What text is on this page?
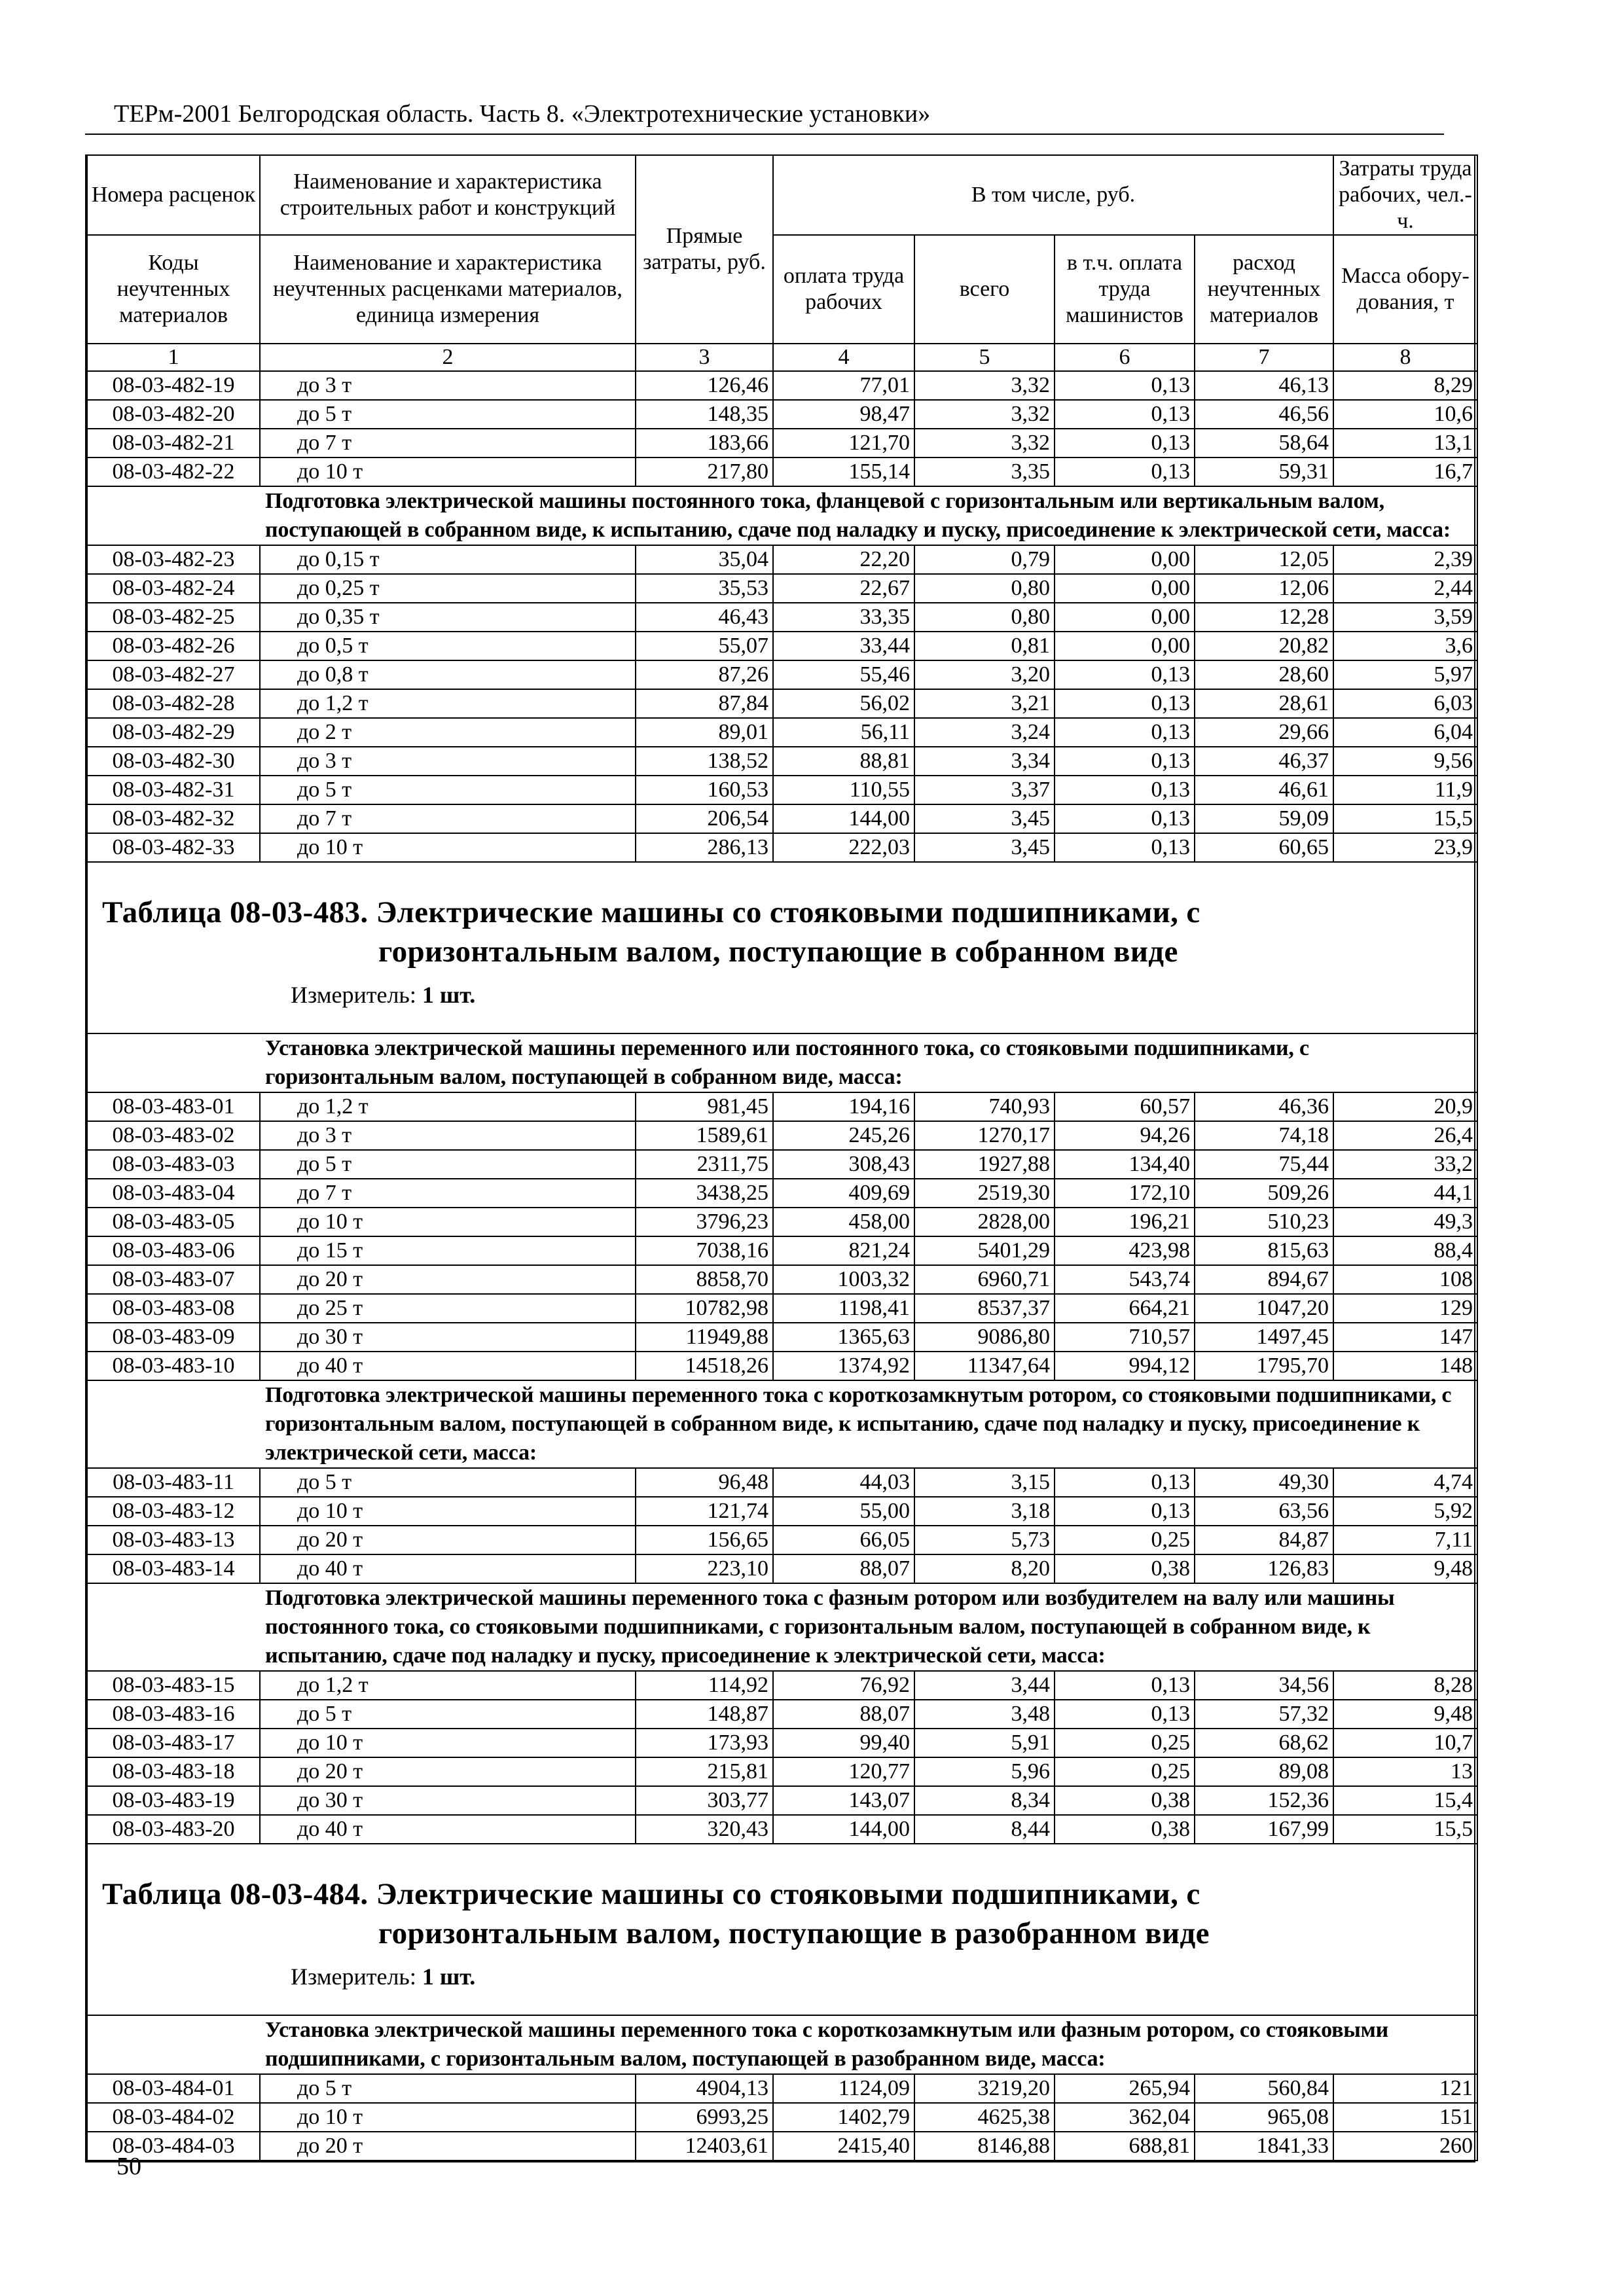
ТЕРм-2001 Белгородская область. Часть 8. «Электротехнические установки»
Номера расценок	Наименование и характеристика строительных работ и конструкций	Прямые затраты, руб.	В том числе, руб.				Затраты труда рабочих, чел.-ч.

Коды неучтенных материалов	Наименование и характеристика неучтенных расценками материалов, единица измерения		оплата труда рабочих	всего	в т.ч. оплата труда машинистов	расход неучтенных материалов	Масса обору- дования, т
1	2	3	4	5	6	7	8
08-03-482-19	до 3 т	126,46	77,01	3,32	0,13	46,13	8,29
08-03-482-20	до 5 т	148,35	98,47	3,32	0,13	46,56	10,6
08-03-482-21	до 7 т	183,66	121,70	3,32	0,13	58,64	13,1
08-03-482-22	до 10 т	217,80	155,14	3,35	0,13	59,31	16,7
	Подготовка электрической машины постоянного тока, фланцевой с горизонтальным или вертикальным валом, поступающей в собранном виде, к испытанию, сдаче под наладку и пуску, присоединение к электрической сети, масса:						
08-03-482-23	до 0,15 т	35,04	22,20	0,79	0,00	12,05	2,39
08-03-482-24	до 0,25 т	35,53	22,67	0,80	0,00	12,06	2,44
08-03-482-25	до 0,35 т	46,43	33,35	0,80	0,00	12,28	3,59
08-03-482-26	до 0,5 т	55,07	33,44	0,81	0,00	20,82	3,6
08-03-482-27	до 0,8 т	87,26	55,46	3,20	0,13	28,60	5,97
08-03-482-28	до 1,2 т	87,84	56,02	3,21	0,13	28,61	6,03
08-03-482-29	до 2 т	89,01	56,11	3,24	0,13	29,66	6,04
08-03-482-30	до 3 т	138,52	88,81	3,34	0,13	46,37	9,56
08-03-482-31	до 5 т	160,53	110,55	3,37	0,13	46,61	11,9
08-03-482-32	до 7 т	206,54	144,00	3,45	0,13	59,09	15,5
08-03-482-33	до 10 т	286,13	222,03	3,45	0,13	60,65	23,9

Таблица 08-03-483. Электрические машины со стояковыми подшипниками, с
горизонтальным валом, поступающие в собранном виде
Измеритель: 1 шт.							

	Установка электрической машины переменного или постоянного тока, со стояковыми подшипниками, с горизонтальным валом, поступающей в собранном виде, масса:						
08-03-483-01	до 1,2 т	981,45	194,16	740,93	60,57	46,36	20,9
08-03-483-02	до 3 т	1589,61	245,26	1270,17	94,26	74,18	26,4
08-03-483-03	до 5 т	2311,75	308,43	1927,88	134,40	75,44	33,2
08-03-483-04	до 7 т	3438,25	409,69	2519,30	172,10	509,26	44,1
08-03-483-05	до 10 т	3796,23	458,00	2828,00	196,21	510,23	49,3
08-03-483-06	до 15 т	7038,16	821,24	5401,29	423,98	815,63	88,4
08-03-483-07	до 20 т	8858,70	1003,32	6960,71	543,74	894,67	108
08-03-483-08	до 25 т	10782,98	1198,41	8537,37	664,21	1047,20	129
08-03-483-09	до 30 т	11949,88	1365,63	9086,80	710,57	1497,45	147
08-03-483-10	до 40 т	14518,26	1374,92	11347,64	994,12	1795,70	148
	Подготовка электрической машины переменного тока с короткозамкнутым ротором, со стояковыми подшипниками, с горизонтальным валом, поступающей в собранном виде, к испытанию, сдаче под наладку и пуску, присоединение к электрической сети, масса:						
08-03-483-11	до 5 т	96,48	44,03	3,15	0,13	49,30	4,74
08-03-483-12	до 10 т	121,74	55,00	3,18	0,13	63,56	5,92
08-03-483-13	до 20 т	156,65	66,05	5,73	0,25	84,87	7,11
08-03-483-14	до 40 т	223,10	88,07	8,20	0,38	126,83	9,48
	Подготовка электрической машины переменного тока с фазным ротором или возбудителем на валу или машины постоянного тока, со стояковыми подшипниками, с горизонтальным валом, поступающей в собранном виде, к испытанию, сдаче под наладку и пуску, присоединение к электрической сети, масса:						
08-03-483-15	до 1,2 т	114,92	76,92	3,44	0,13	34,56	8,28
08-03-483-16	до 5 т	148,87	88,07	3,48	0,13	57,32	9,48
08-03-483-17	до 10 т	173,93	99,40	5,91	0,25	68,62	10,7
08-03-483-18	до 20 т	215,81	120,77	5,96	0,25	89,08	13
08-03-483-19	до 30 т	303,77	143,07	8,34	0,38	152,36	15,4
08-03-483-20	до 40 т	320,43	144,00	8,44	0,38	167,99	15,5

Таблица 08-03-484. Электрические машины со стояковыми подшипниками, с
горизонтальным валом, поступающие в разобранном виде
Измеритель: 1 шт.							

	Установка электрической машины переменного тока с короткозамкнутым или фазным ротором, со стояковыми подшипниками, с горизонтальным валом, поступающей в разобранном виде, масса:						
08-03-484-01	до 5 т	4904,13	1124,09	3219,20	265,94	560,84	121
08-03-484-02	до 10 т	6993,25	1402,79	4625,38	362,04	965,08	151
08-03-484-03	до 20 т	12403,61	2415,40	8146,88	688,81	1841,33	260
50
